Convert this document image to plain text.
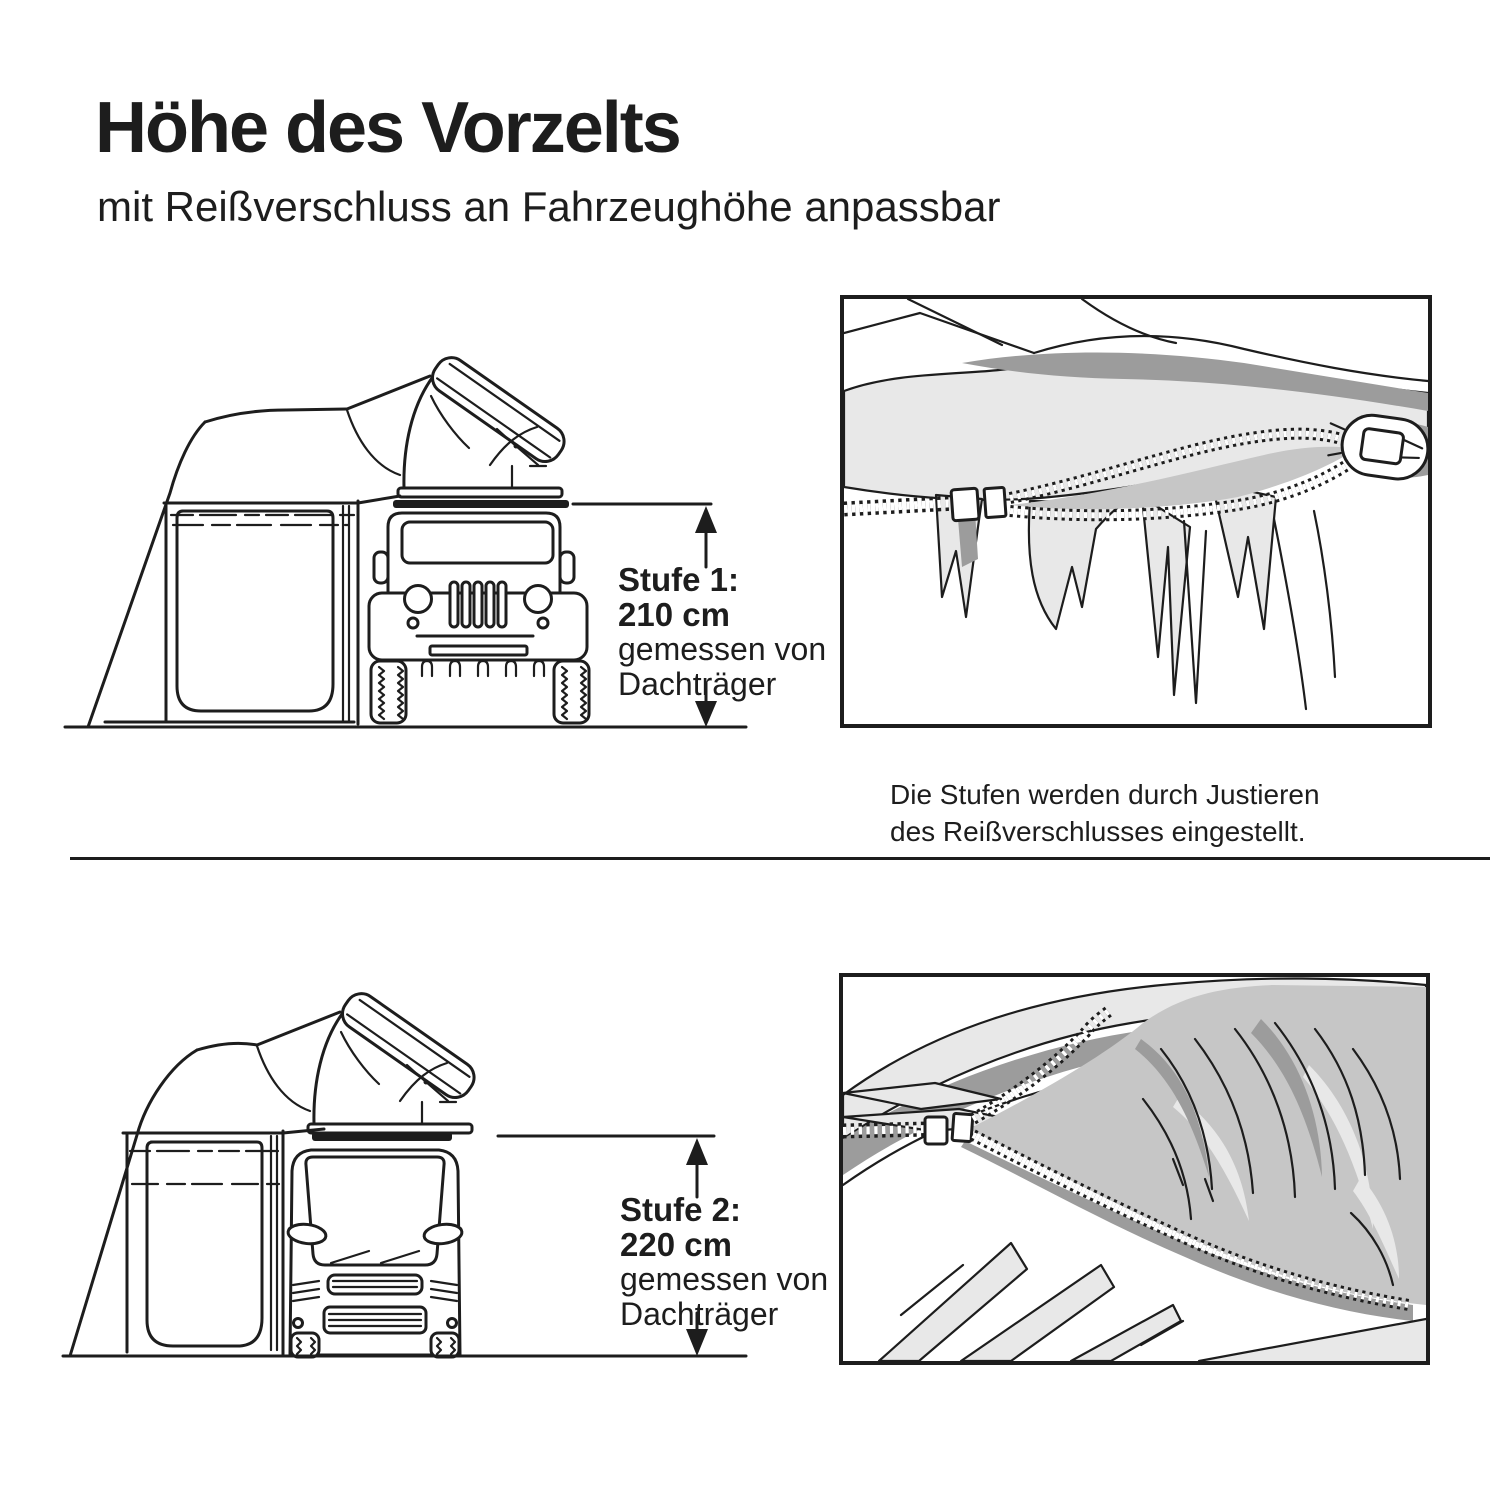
Höhe des Vorzelts

mit Reißverschluss an Fahrzeughöhe anpassbar

Stufe 1:
210 cm
gemessen von Dachträger

Die Stufen werden durch Justieren
des Reißverschlusses eingestellt.

Stufe 2:
220 cm
gemessen von Dachträger
